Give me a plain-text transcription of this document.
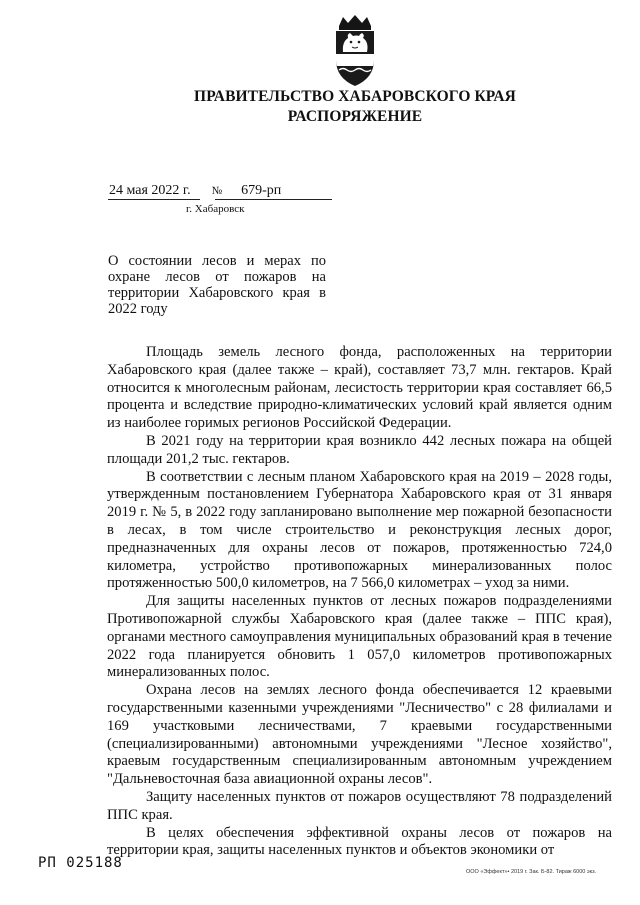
ПРАВИТЕЛЬСТВО ХАБАРОВСКОГО КРАЯ
РАСПОРЯЖЕНИЕ
24 мая 2022 г. № 679-рп
г. Хабаровск
О состоянии лесов и мерах по охране лесов от пожаров на территории Хабаровского края в 2022 году

Площадь земель лесного фонда, расположенных на территории Хабаровского края (далее также – край), составляет 73,7 млн. гектаров. Край относится к многолесным районам, лесистость территории края составляет 66,5 процента и вследствие природно-климатических условий край является одним из наиболее горимых регионов Российской Федерации.

В 2021 году на территории края возникло 442 лесных пожара на общей площади 201,2 тыс. гектаров.

В соответствии с лесным планом Хабаровского края на 2019 – 2028 годы, утвержденным постановлением Губернатора Хабаровского края от 31 января 2019 г. № 5, в 2022 году запланировано выполнение мер пожарной безопасности в лесах, в том числе строительство и реконструкция лесных дорог, предназначенных для охраны лесов от пожаров, протяженностью 724,0 километра, устройство противопожарных минерализованных полос протяженностью 500,0 километров, на 7 566,0 километрах – уход за ними.

Для защиты населенных пунктов от лесных пожаров подразделениями Противопожарной службы Хабаровского края (далее также – ППС края), органами местного самоуправления муниципальных образований края в течение 2022 года планируется обновить 1 057,0 километров противопожарных минерализованных полос.

Охрана лесов на землях лесного фонда обеспечивается 12 краевыми государственными казенными учреждениями "Лесничество" с 28 филиалами и 169 участковыми лесничествами, 7 краевыми государственными (специализированными) автономными учреждениями "Лесное хозяйство", краевым государственным специализированным автономным учреждением "Дальневосточная база авиационной охраны лесов".

Защиту населенных пунктов от пожаров осуществляют 78 подразделений ППС края.

В целях обеспечения эффективной охраны лесов от пожаров на территории края, защиты населенных пунктов и объектов экономики от

РП 025188
ООО «Эффект»• 2019 г. Зак. Б-82. Тираж 6000 экз.
